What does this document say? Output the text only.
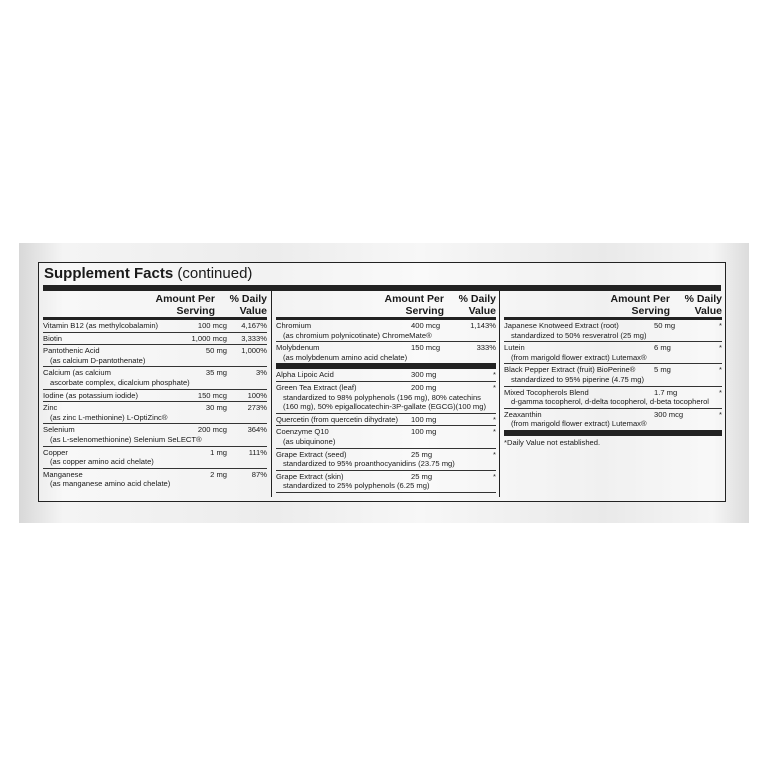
Supplement Facts (continued)
Amount Per
Serving
% Daily
Value
Vitamin B12 (as methylcobalamin)	100 mcg 4,167%
Biotin	1,000 mcg 3,333%
Pantothenic Acid
(as calcium D-pantothenate)
50 mg 1,000%
Calcium (as calcium
ascorbate complex, dicalcium phosphate)
35 mg	3%
Iodine (as potassium iodide)	150 mcg	100%
Zinc
(as zinc L-methionine) L-OptiZinc®
30 mg	273%
Selenium
(as L-selenomethionine) Selenium SeLECT®
200 mcg	364%
Copper
(as copper amino acid chelate)
1 mg	111%
Manganese
(as manganese amino acid chelate)
2 mg	87%
Amount Per
Serving
% Daily
Value
Chromium
(as chromium polynicotinate) ChromeMate®
400 mcg	1,143%
Molybdenum
(as molybdenum amino acid chelate)
150 mcg	333%
Alpha Lipoic Acid	300 mg	*
Green Tea Extract (leaf)
standardized to 98% polyphenols (196 mg), 80% catechins
(160 mg), 50% epigallocatechin-3P-gallate (EGCG)(100 mg)
200 mg	*
Quercetin (from quercetin dihydrate)	100 mg	*
Coenzyme Q10
(as ubiquinone)
100 mg	*
Grape Extract (seed)
standardized to 95% proanthocyanidins (23.75 mg)
25 mg	*
Grape Extract (skin)
standardized to 25% polyphenols (6.25 mg)
25 mg	*
Amount Per
Serving
% Daily
Value
Japanese Knotweed Extract (root)
standardized to 50% resveratrol (25 mg)
50 mg	*
Lutein
(from marigold flower extract) Lutemax®
6 mg	*
Black Pepper Extract (fruit) BioPerine®
standardized to 95% piperine (4.75 mg)
5 mg	*
Mixed Tocopherols Blend
d-gamma tocopherol, d-delta tocopherol, d-beta tocopherol
1.7 mg	*
Zeaxanthin
(from marigold flower extract) Lutemax®
300 mcg	*
*Daily Value not established.
